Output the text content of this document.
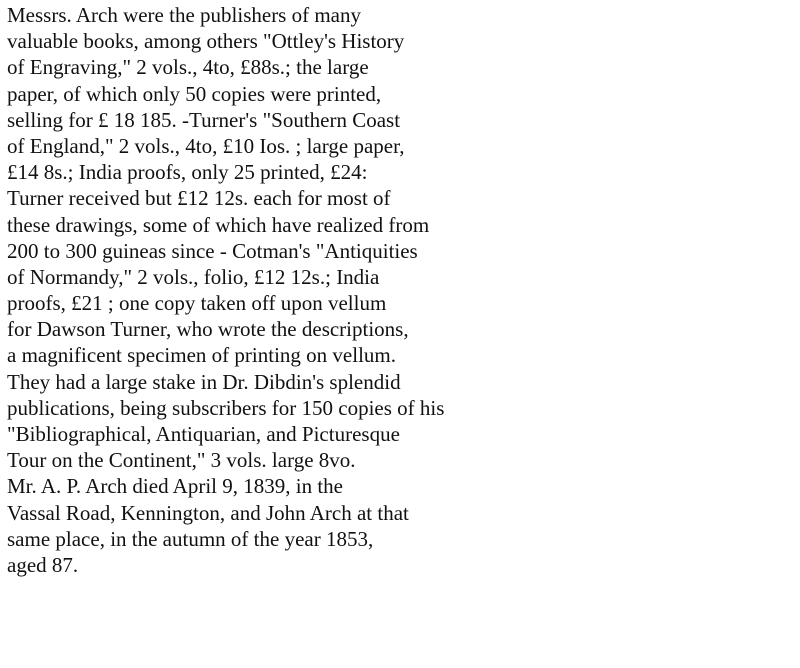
Messrs. Arch were the publishers of many
valuable books, among others "Ottley's History
of Engraving," 2 vols., 4to, £88s.; the large
paper, of which only 50 copies were printed,
selling for £ 18 185. -Turner's "Southern Coast
of England," 2 vols., 4to, £10 Ios. ; large paper,
£14 8s.; India proofs, only 25 printed, £24:
Turner received but £12 12s. each for most of
these drawings, some of which have realized from
200 to 300 guineas since - Cotman's "Antiquities
of Normandy," 2 vols., folio, £12 12s.; India
proofs, £21 ; one copy taken off upon vellum
for Dawson Turner, who wrote the descriptions,
a magnificent specimen of printing on vellum.
They had a large stake in Dr. Dibdin's splendid
publications, being subscribers for 150 copies of his
"Bibliographical, Antiquarian, and Picturesque
Tour on the Continent," 3 vols. large 8vo.
Mr. A. P. Arch died April 9, 1839, in the
Vassal Road, Kennington, and John Arch at that
same place, in the autumn of the year 1853,
aged 87.
